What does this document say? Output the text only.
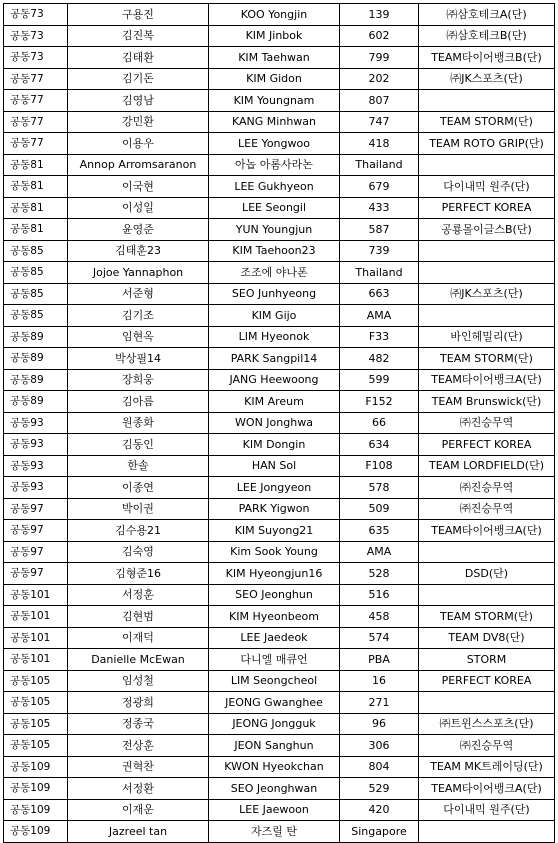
공동73	구용진	KOO Yongjin	139	㈜삼호테크A(단)
공동73	김진복	KIM Jinbok	602	㈜삼호테크B(단)
공동73	김태환	KIM Taehwan	799	TEAM타이어뱅크B(단)
공동77	김기돈	KIM Gidon	202	㈜JK스포츠(단)
공동77	김영남	KIM Youngnam	807	
공동77	강민환	KANG Minhwan	747	TEAM STORM(단)
공동77	이용우	LEE Yongwoo	418	TEAM ROTO GRIP(단)
공동81	Annop Arromsaranon	아놉 아롬사라논	Thailand	
공동81	이국현	LEE Gukhyeon	679	다이내믹 원주(단)
공동81	이성일	LEE Seongil	433	PERFECT KOREA
공동81	윤영준	YUN Youngjun	587	공룡몰이글스B(단)
공동85	김태훈23	KIM Taehoon23	739	
공동85	Jojoe Yannaphon	조조에 야나폰	Thailand	
공동85	서준형	SEO Junhyeong	663	㈜JK스포츠(단)
공동85	김기조	KIM Gijo	AMA	
공동89	임현옥	LIM Hyeonok	F33	바인헤밀리(단)
공동89	박상필14	PARK Sangpil14	482	TEAM STORM(단)
공동89	장희웅	JANG Heewoong	599	TEAM타이어뱅크A(단)
공동89	김아름	KIM Areum	F152	TEAM Brunswick(단)
공동93	원종화	WON Jonghwa	66	㈜진승무역
공동93	김동인	KIM Dongin	634	PERFECT KOREA
공동93	한솔	HAN Sol	F108	TEAM LORDFIELD(단)
공동93	이종연	LEE Jongyeon	578	㈜진승무역
공동97	박이권	PARK Yigwon	509	㈜진승무역
공동97	김수용21	KIM Suyong21	635	TEAM타이어뱅크A(단)
공동97	김숙영	Kim Sook Young	AMA	
공동97	김형준16	KIM Hyeongjun16	528	DSD(단)
공동101	서정훈	SEO Jeonghun	516	
공동101	김현범	KIM Hyeonbeom	458	TEAM STORM(단)
공동101	이재덕	LEE Jaedeok	574	TEAM DV8(단)
공동101	Danielle McEwan	다니엘 매큐언	PBA	STORM
공동105	임성철	LIM Seongcheol	16	PERFECT KOREA
공동105	정광희	JEONG Gwanghee	271	
공동105	정종국	JEONG Jongguk	96	㈜트윈스스포츠(단)
공동105	전상훈	JEON Sanghun	306	㈜진승무역
공동109	권혁찬	KWON Hyeokchan	804	TEAM MK트레이딩(단)
공동109	서정환	SEO Jeonghwan	529	TEAM타이어뱅크A(단)
공동109	이재운	LEE Jaewoon	420	다이내믹 원주(단)
공동109	Jazreel tan	자즈릴 탄	Singapore	
